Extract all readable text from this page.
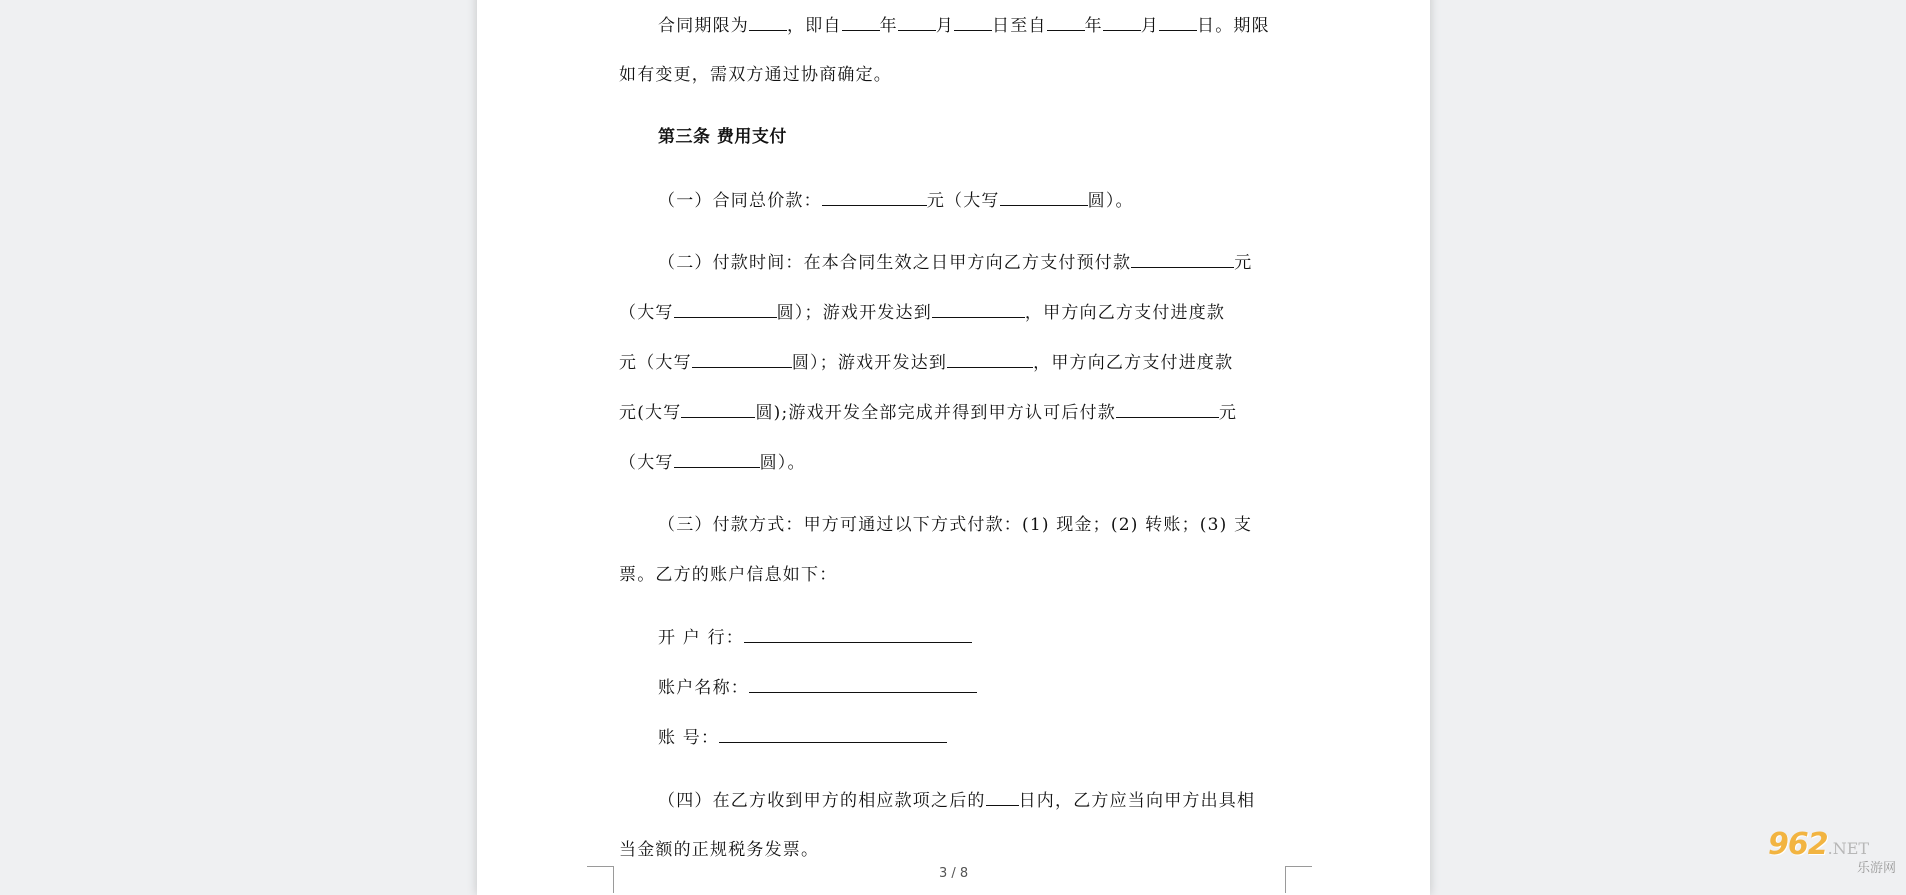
合同期限为 ，即自 年 月 日至自 年 月 日。期限
如有变更，需双方通过协商确定。
第三条 费用支付
（一）合同总价款：	元（大写	圆）。
（二）付款时间：在本合同生效之日甲方向乙方支付预付款	元
（大写	圆）；游戏开发达到	，甲方向乙方支付进度款
元（大写	圆）；游戏开发达到	，甲方向乙方支付进度款
元(大写	圆);游戏开发全部完成并得到甲方认可后付款	元
（大写	圆）。
（三）付款方式：甲方可通过以下方式付款：(1) 现金；(2) 转账；(3) 支
票。乙方的账户信息如下：
开 户 行：
账户名称：
账 号：
（四）在乙方收到甲方的相应款项之后的 日内，乙方应当向甲方出具相
当金额的正规税务发票。
3 / 8
962.NET
乐游网
